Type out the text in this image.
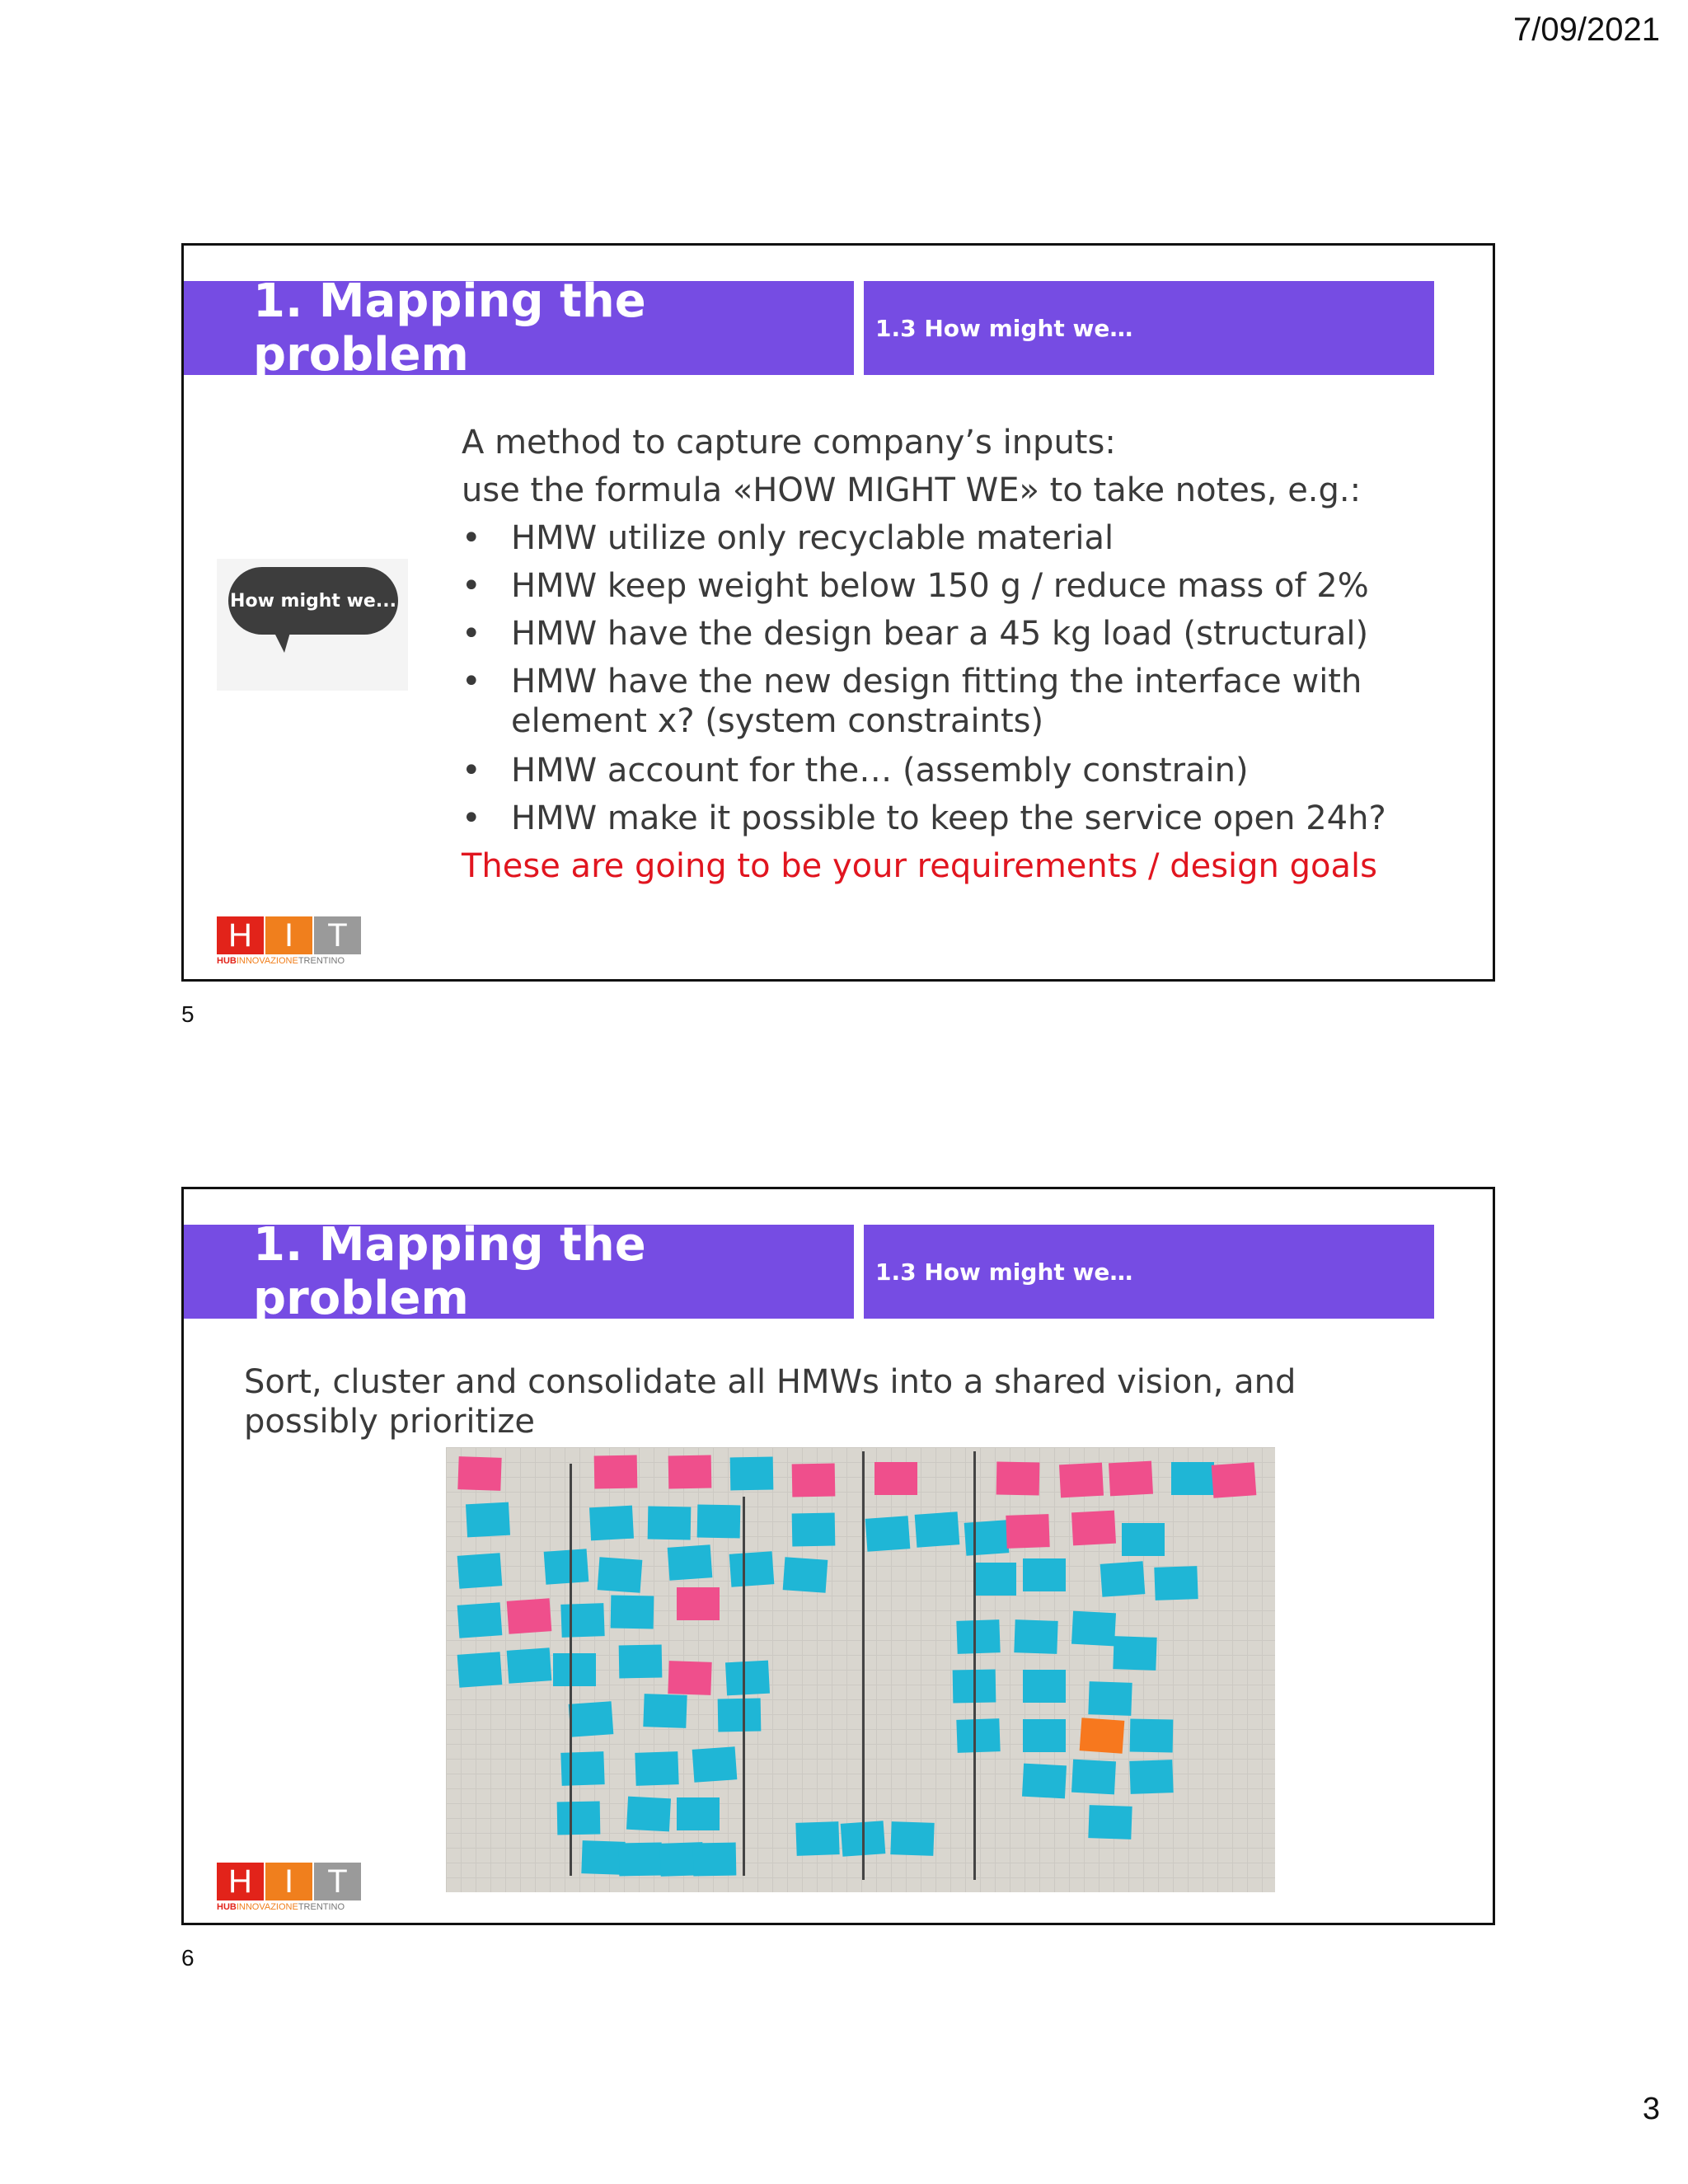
7/09/2021
1. Mapping the problem	1.3 How might we…
How might we...
A method to capture company’s inputs:
use the formula «HOW MIGHT WE» to take notes, e.g.:
• HMW utilize only recyclable material
• HMW keep weight below 150 g / reduce mass of 2%
• HMW have the design bear a 45 kg load (structural)
• HMW have the new design fitting the interface with element x? (system constraints)
• HMW account for the… (assembly constrain)
• HMW make it possible to keep the service open 24h?
These are going to be your requirements / design goals
H I	T
HUBINNOVAZIONETRENTINO
5
1. Mapping the problem	1.3 How might we…
Sort, cluster and consolidate all HMWs into a shared vision, and possibly prioritize
H I	T
HUBINNOVAZIONETRENTINO
6
3
